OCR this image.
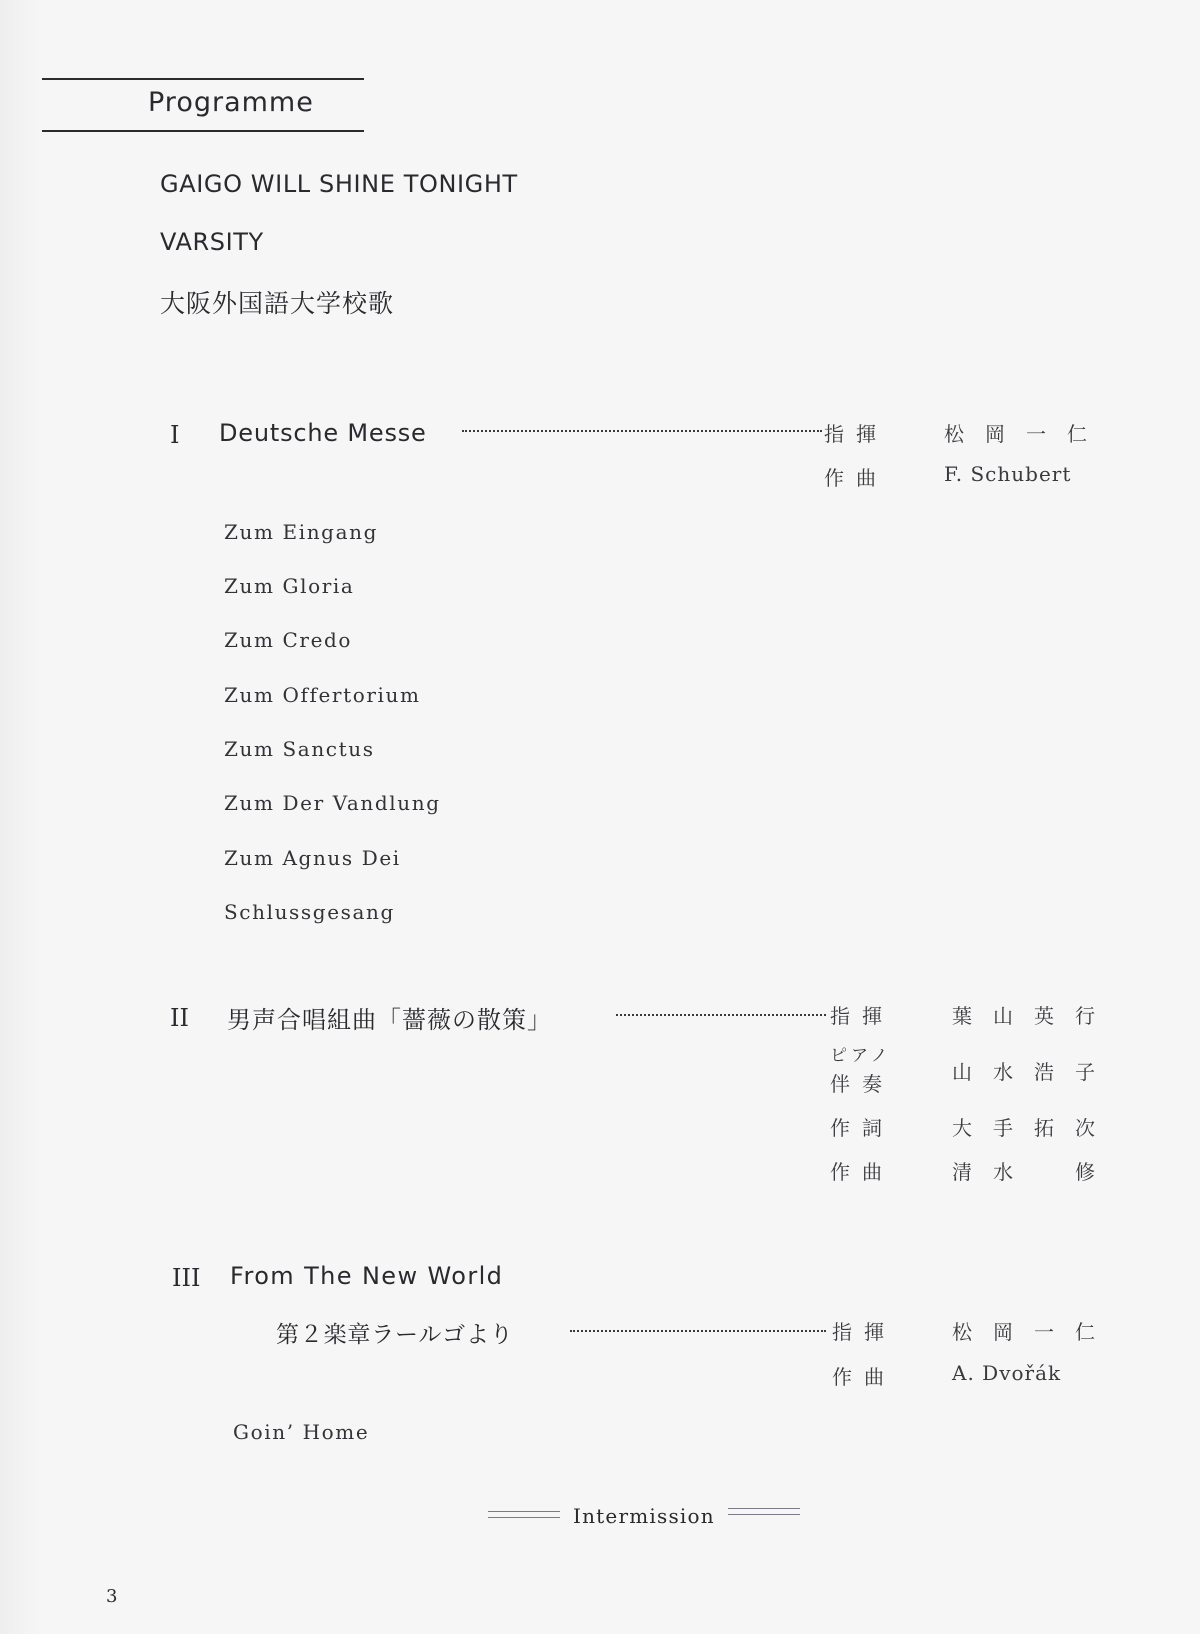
Programme
GAIGO WILL SHINE TONIGHT
VARSITY
大阪外国語大学校歌
I Deutsche Messe	指揮	松岡一仁
作曲	F. Schubert
Zum Eingang
Zum Gloria
Zum Credo
Zum Offertorium
Zum Sanctus
Zum Der Vandlung
Zum Agnus Dei
Schlussgesang
II 男声合唱組曲「薔薇の散策」	指揮	葉山英行
ピアノ
伴奏	山水浩子
作詞	大手拓次
作曲	清水　修
III From The New World
第２楽章ラールゴより	指揮	松岡一仁
作曲	A. Dvořák
Goin’ Home
Intermission
3
